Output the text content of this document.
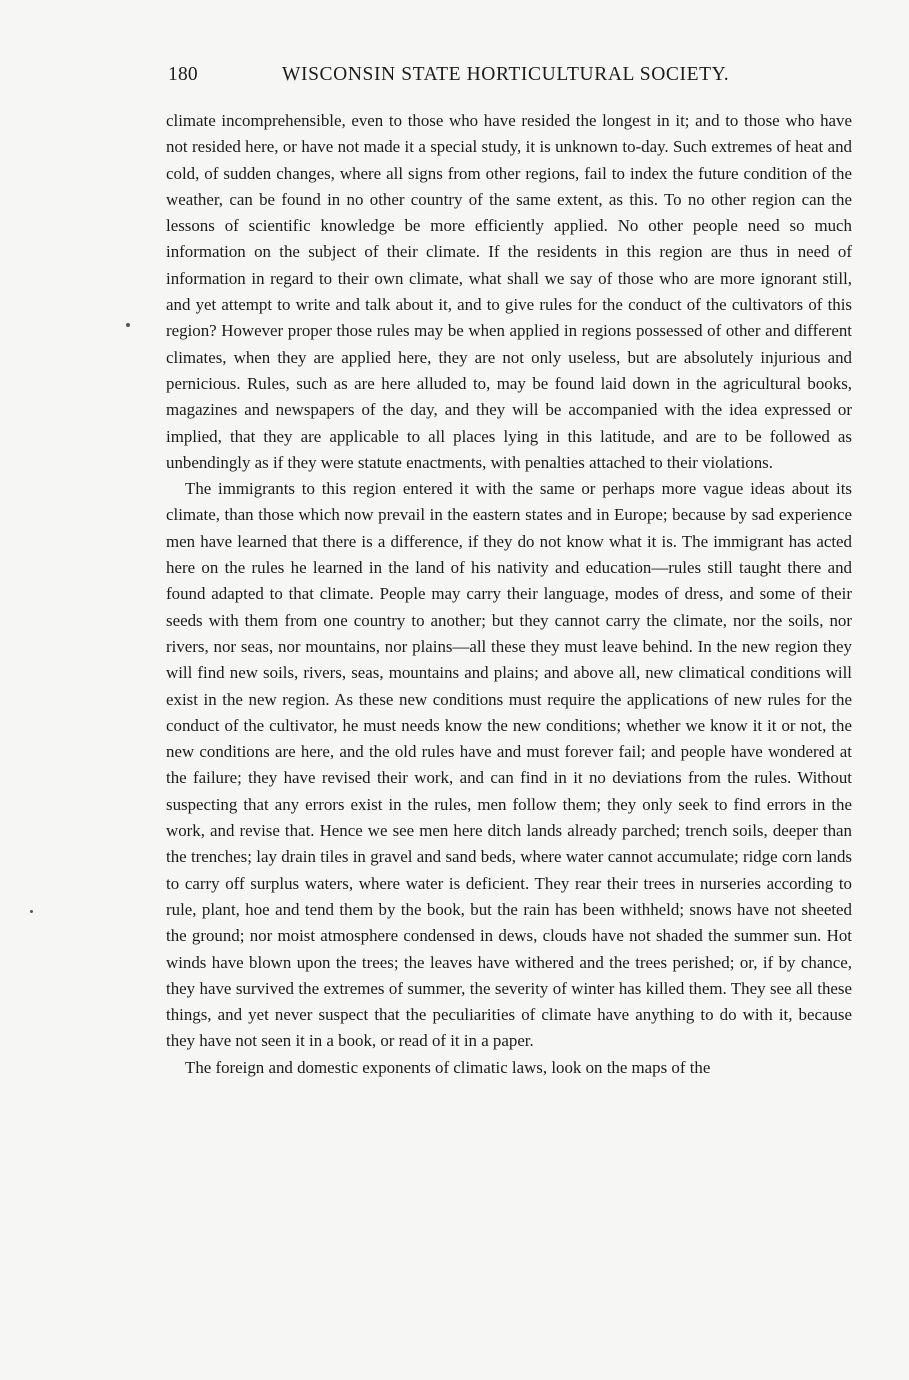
180	WISCONSIN STATE HORTICULTURAL SOCIETY.

climate incomprehensible, even to those who have resided the longest in it; and to those who have not resided here, or have not made it a special study, it is unknown to-day. Such extremes of heat and cold, of sudden changes, where all signs from other regions, fail to index the future condition of the weather, can be found in no other country of the same extent, as this. To no other region can the lessons of scientific knowledge be more efficiently applied. No other people need so much information on the subject of their climate. If the residents in this region are thus in need of information in regard to their own climate, what shall we say of those who are more ignorant still, and yet attempt to write and talk about it, and to give rules for the conduct of the cultivators of this region? However proper those rules may be when applied in regions possessed of other and different climates, when they are applied here, they are not only useless, but are absolutely injurious and pernicious. Rules, such as are here alluded to, may be found laid down in the agricultural books, magazines and newspapers of the day, and they will be accompanied with the idea expressed or implied, that they are applicable to all places lying in this latitude, and are to be followed as unbendingly as if they were statute enactments, with penalties attached to their violations.

The immigrants to this region entered it with the same or perhaps more vague ideas about its climate, than those which now prevail in the eastern states and in Europe; because by sad experience men have learned that there is a difference, if they do not know what it is. The immigrant has acted here on the rules he learned in the land of his nativity and education—rules still taught there and found adapted to that climate. People may carry their language, modes of dress, and some of their seeds with them from one country to another; but they cannot carry the climate, nor the soils, nor rivers, nor seas, nor mountains, nor plains—all these they must leave behind. In the new region they will find new soils, rivers, seas, mountains and plains; and above all, new climatical conditions will exist in the new region. As these new conditions must require the applications of new rules for the conduct of the cultivator, he must needs know the new conditions; whether we know it it or not, the new conditions are here, and the old rules have and must forever fail; and people have wondered at the failure; they have revised their work, and can find in it no deviations from the rules. Without suspecting that any errors exist in the rules, men follow them; they only seek to find errors in the work, and revise that. Hence we see men here ditch lands already parched; trench soils, deeper than the trenches; lay drain tiles in gravel and sand beds, where water cannot accumulate; ridge corn lands to carry off surplus waters, where water is deficient. They rear their trees in nurseries according to rule, plant, hoe and tend them by the book, but the rain has been withheld; snows have not sheeted the ground; nor moist atmosphere condensed in dews, clouds have not shaded the summer sun. Hot winds have blown upon the trees; the leaves have withered and the trees perished; or, if by chance, they have survived the extremes of summer, the severity of winter has killed them. They see all these things, and yet never suspect that the peculiarities of climate have anything to do with it, because they have not seen it in a book, or read of it in a paper.

The foreign and domestic exponents of climatic laws, look on the maps of the
